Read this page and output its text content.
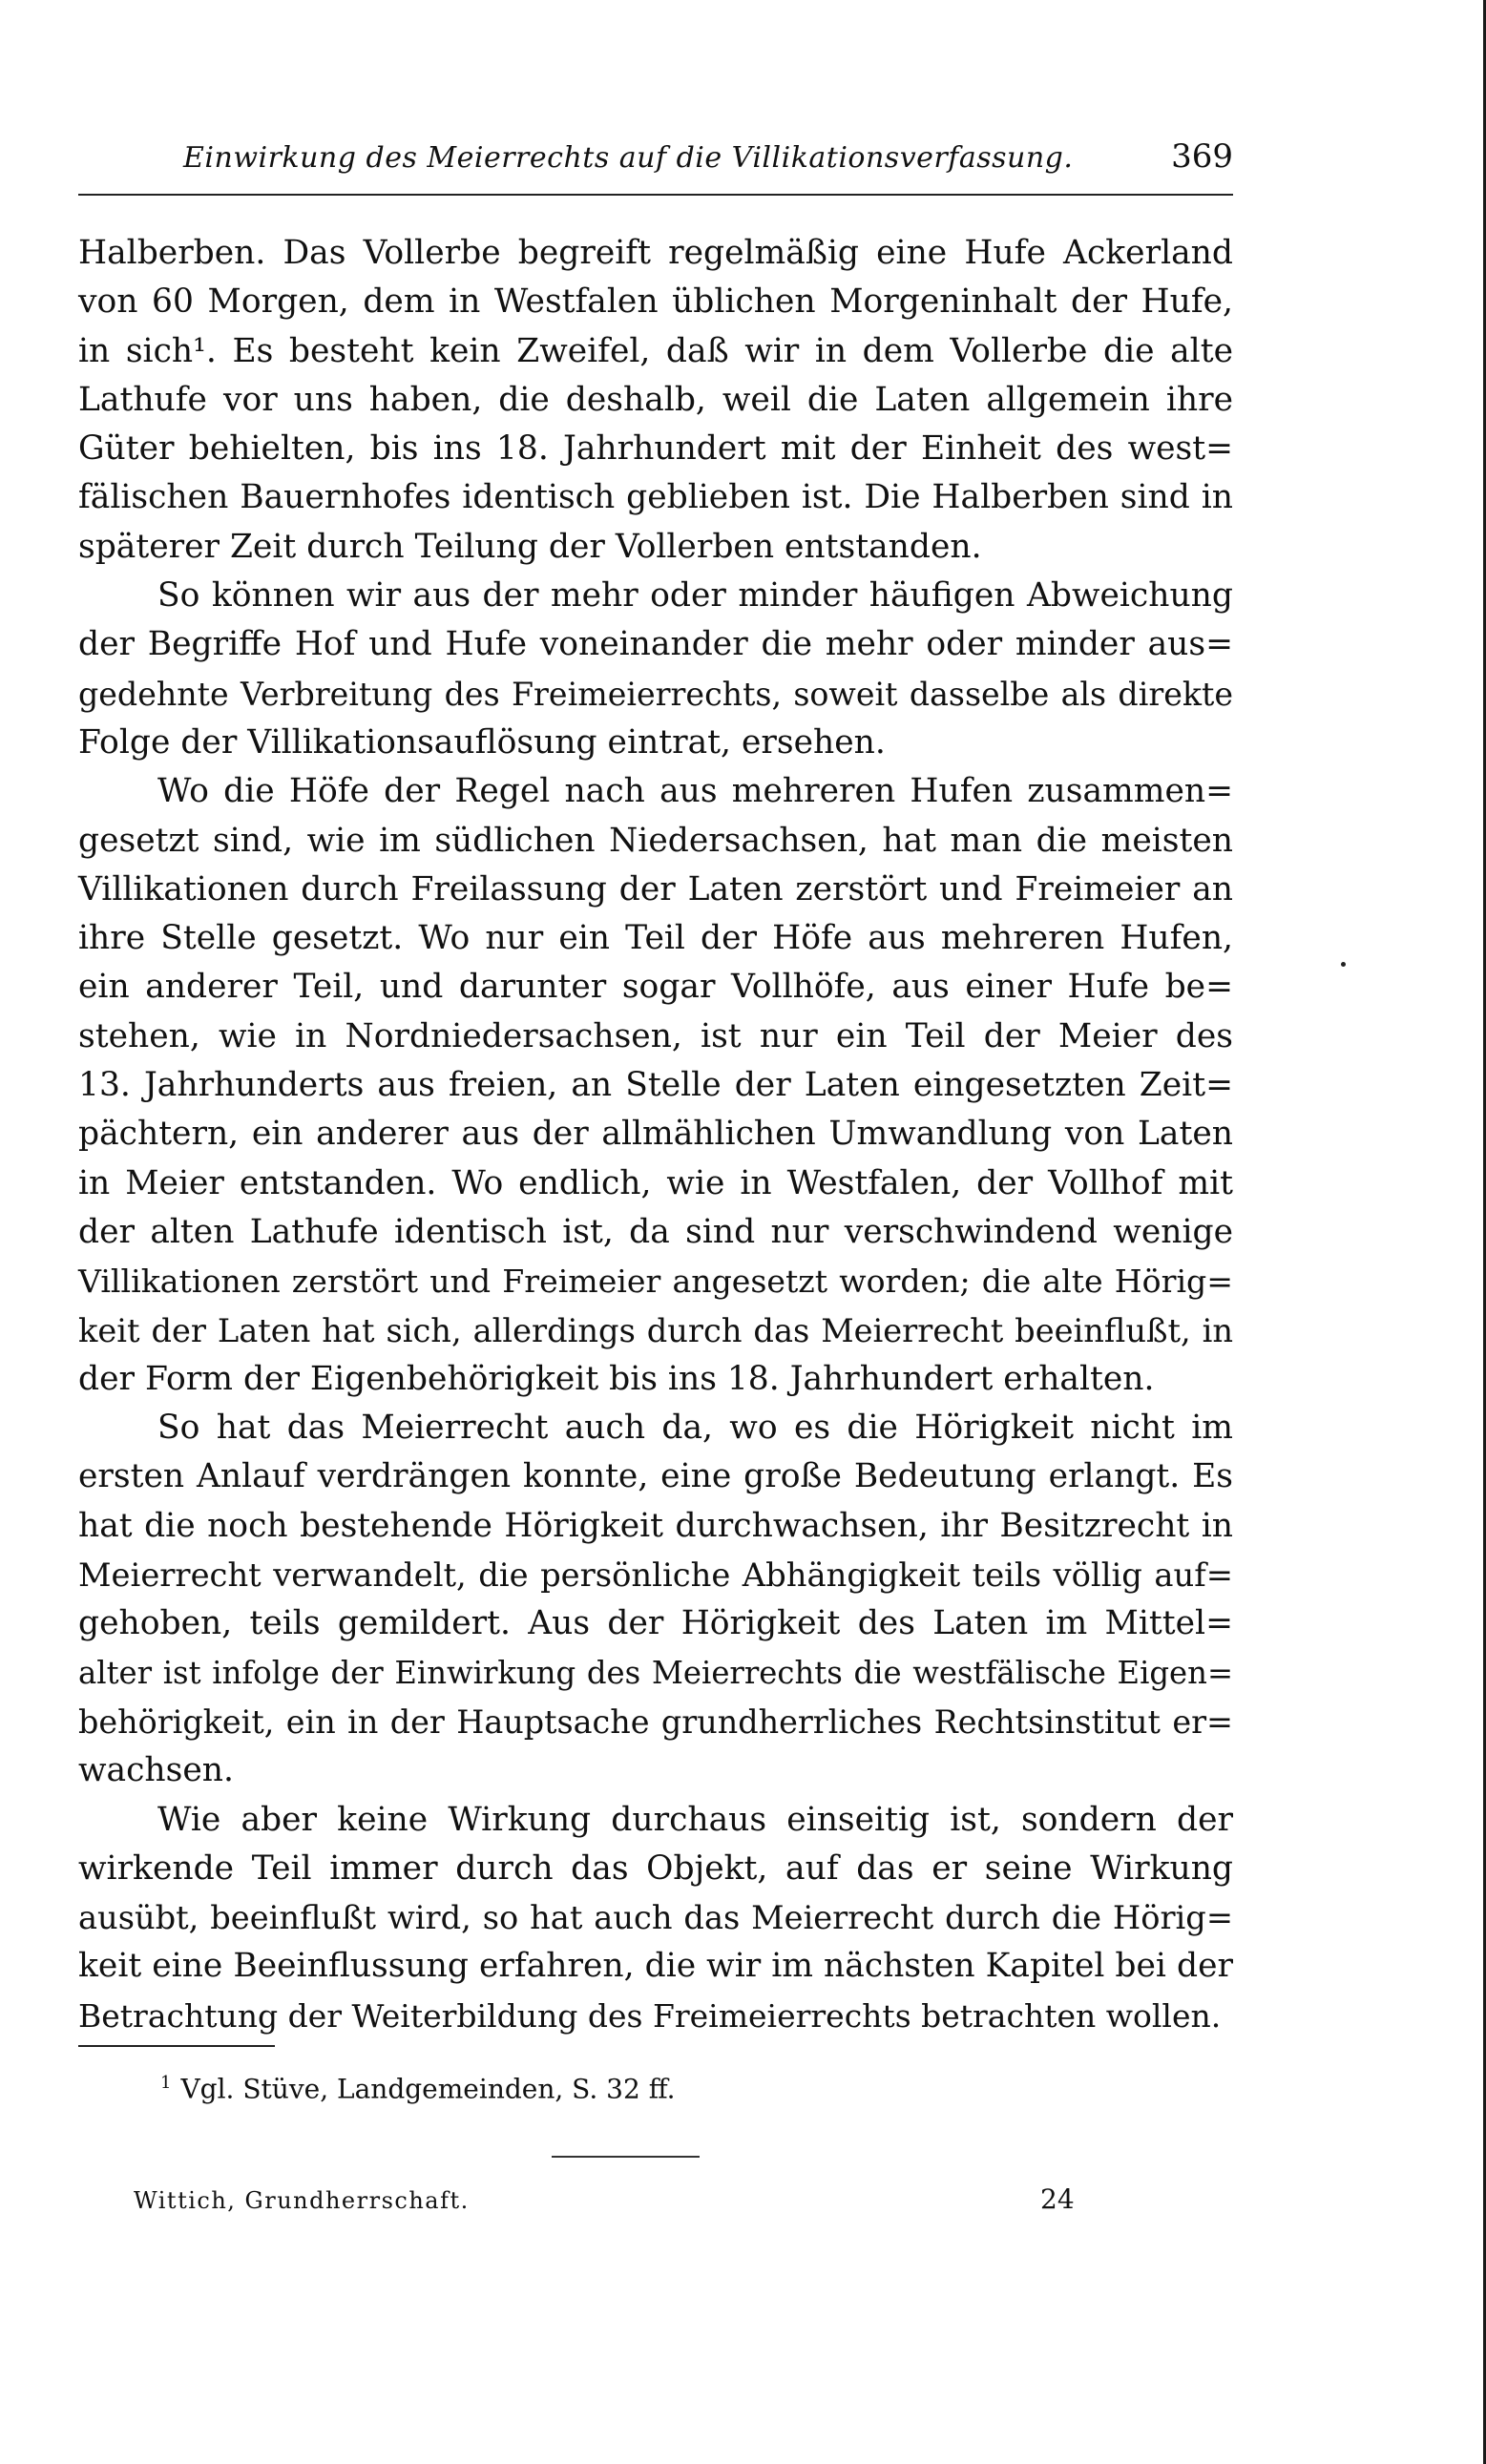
Einwirkung des Meierrechts auf die Villikationsverfassung.	369
Halberben. Das Vollerbe begreift regelmäßig eine Hufe Ackerland
von 60 Morgen, dem in Westfalen üblichen Morgeninhalt der Hufe,
in sich¹. Es besteht kein Zweifel, daß wir in dem Vollerbe die alte
Lathufe vor uns haben, die deshalb, weil die Laten allgemein ihre
Güter behielten, bis ins 18. Jahrhundert mit der Einheit des west=
fälischen Bauernhofes identisch geblieben ist. Die Halberben sind in
späterer Zeit durch Teilung der Vollerben entstanden.
So können wir aus der mehr oder minder häufigen Abweichung
der Begriffe Hof und Hufe voneinander die mehr oder minder aus=
gedehnte Verbreitung des Freimeierrechts, soweit dasselbe als direkte
Folge der Villikationsauflösung eintrat, ersehen.
Wo die Höfe der Regel nach aus mehreren Hufen zusammen=
gesetzt sind, wie im südlichen Niedersachsen, hat man die meisten
Villikationen durch Freilassung der Laten zerstört und Freimeier an
ihre Stelle gesetzt. Wo nur ein Teil der Höfe aus mehreren Hufen,
ein anderer Teil, und darunter sogar Vollhöfe, aus einer Hufe be=
stehen, wie in Nordniedersachsen, ist nur ein Teil der Meier des
13. Jahrhunderts aus freien, an Stelle der Laten eingesetzten Zeit=
pächtern, ein anderer aus der allmählichen Umwandlung von Laten
in Meier entstanden. Wo endlich, wie in Westfalen, der Vollhof mit
der alten Lathufe identisch ist, da sind nur verschwindend wenige
Villikationen zerstört und Freimeier angesetzt worden; die alte Hörig=
keit der Laten hat sich, allerdings durch das Meierrecht beeinflußt, in
der Form der Eigenbehörigkeit bis ins 18. Jahrhundert erhalten.
So hat das Meierrecht auch da, wo es die Hörigkeit nicht im
ersten Anlauf verdrängen konnte, eine große Bedeutung erlangt. Es
hat die noch bestehende Hörigkeit durchwachsen, ihr Besitzrecht in
Meierrecht verwandelt, die persönliche Abhängigkeit teils völlig auf=
gehoben, teils gemildert. Aus der Hörigkeit des Laten im Mittel=
alter ist infolge der Einwirkung des Meierrechts die westfälische Eigen=
behörigkeit, ein in der Hauptsache grundherrliches Rechtsinstitut er=
wachsen.
Wie aber keine Wirkung durchaus einseitig ist, sondern der
wirkende Teil immer durch das Objekt, auf das er seine Wirkung
ausübt, beeinflußt wird, so hat auch das Meierrecht durch die Hörig=
keit eine Beeinflussung erfahren, die wir im nächsten Kapitel bei der
Betrachtung der Weiterbildung des Freimeierrechts betrachten wollen.
$^1$ Vgl. Stüve, Landgemeinden, S. 32 ff.
Wittich, Grundherrschaft.	24
